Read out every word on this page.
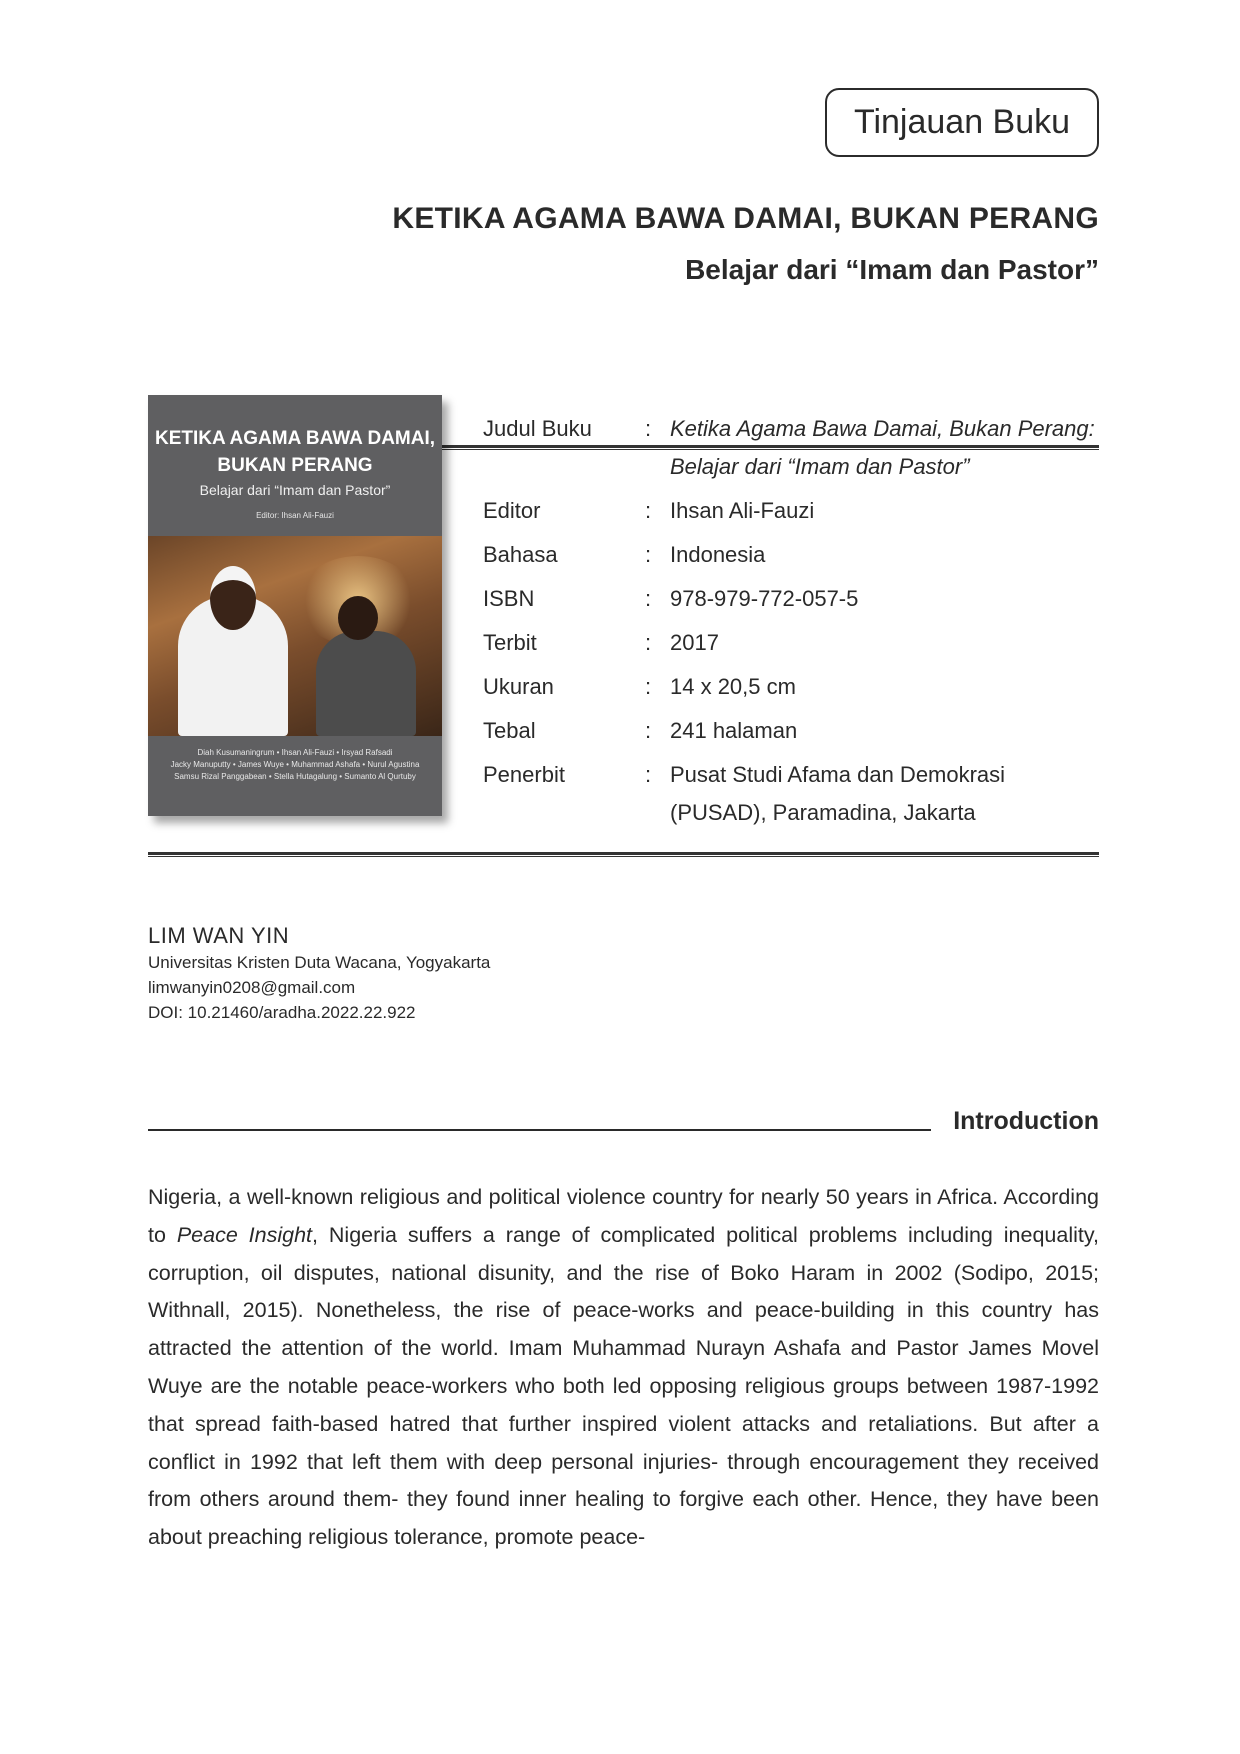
Tinjauan Buku
KETIKA AGAMA BAWA DAMAI, BUKAN PERANG
Belajar dari “Imam dan Pastor”
KETIKA AGAMA BAWA DAMAI,
BUKAN PERANG
Belajar dari “Imam dan Pastor”
Editor: Ihsan Ali-Fauzi
Diah Kusumaningrum • Ihsan Ali-Fauzi • Irsyad Rafsadi
Jacky Manuputty • James Wuye • Muhammad Ashafa • Nurul Agustina
Samsu Rizal Panggabean • Stella Hutagalung • Sumanto Al Qurtuby
Judul Buku	: Ketika Agama Bawa Damai, Bukan Perang:
Belajar dari “Imam dan Pastor”
Editor	: Ihsan Ali-Fauzi
Bahasa	: Indonesia
ISBN	: 978-979-772-057-5
Terbit	: 2017
Ukuran	: 14 x 20,5 cm
Tebal	: 241 halaman
Penerbit	: Pusat Studi Afama dan Demokrasi
(PUSAD), Paramadina, Jakarta
LIM WAN YIN
Universitas Kristen Duta Wacana, Yogyakarta
limwanyin0208@gmail.com
DOI: 10.21460/aradha.2022.22.922
Introduction
Nigeria, a well-known religious and political violence country for nearly 50 years in Africa. According to Peace Insight, Nigeria suffers a range of complicated political problems including inequality, corruption, oil disputes, national disunity, and the rise of Boko Haram in 2002 (Sodipo, 2015; Withnall, 2015). Nonetheless, the rise of peace-works and peace-building in this country has attracted the attention of the world. Imam Muhammad Nurayn Ashafa and Pastor James Movel Wuye are the notable peace-workers who both led opposing religious groups between 1987-1992 that spread faith-based hatred that further inspired violent attacks and retaliations. But after a conflict in 1992 that left them with deep personal injuries- through encouragement they received from others around them- they found inner healing to forgive each other. Hence, they have been about preaching religious tolerance, promote peace-
